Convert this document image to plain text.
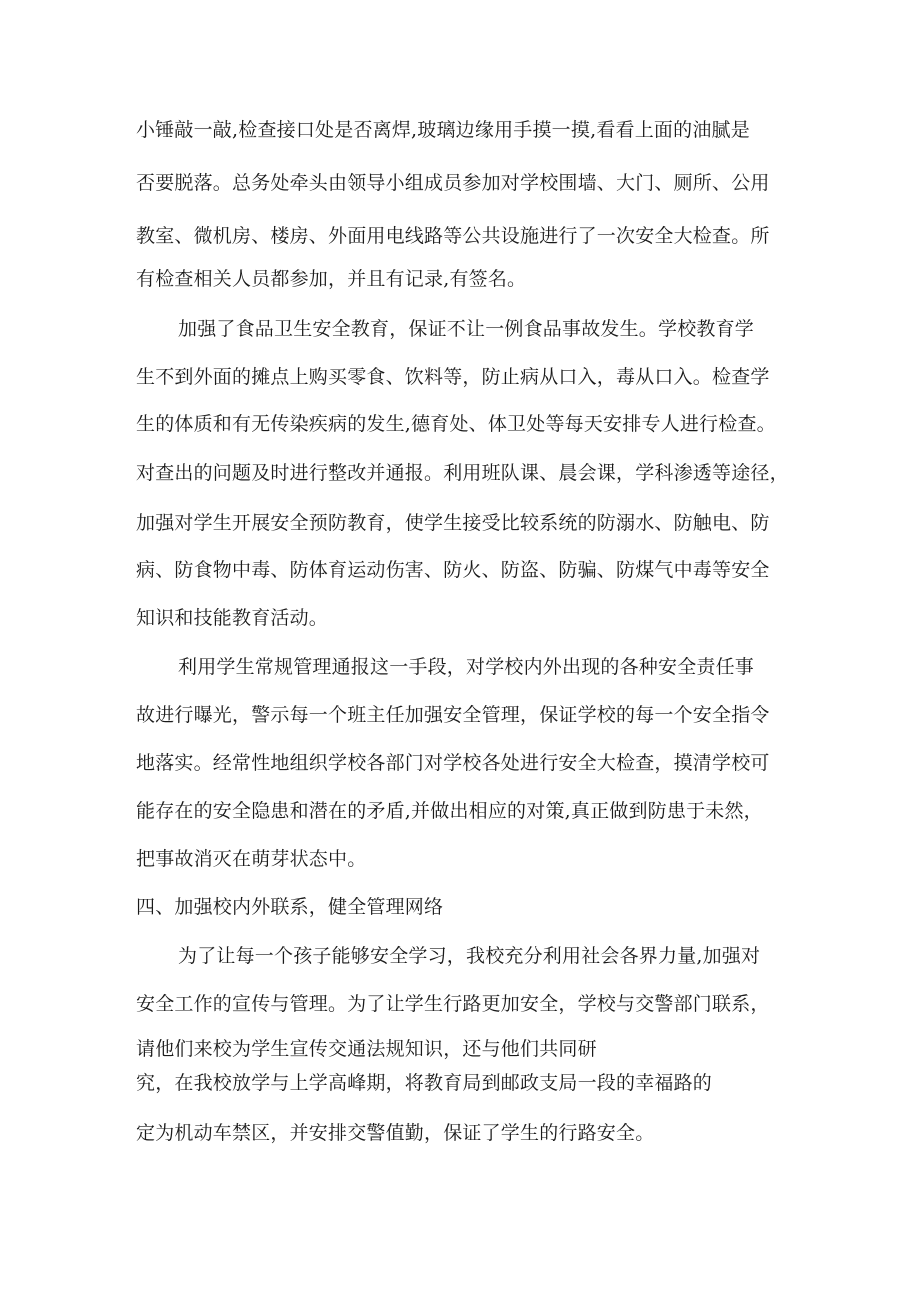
小锤敲一敲,检查接口处是否离焊,玻璃边缘用手摸一摸,看看上面的油腻是
否要脱落。总务处牵头由领导小组成员参加对学校围墙、大门、厕所、公用
教室、微机房、楼房、外面用电线路等公共设施进行了一次安全大检查。所
有检查相关人员都参加，并且有记录,有签名。
加强了食品卫生安全教育，保证不让一例食品事故发生。学校教育学
生不到外面的摊点上购买零食、饮料等，防止病从口入，毒从口入。检查学
生的体质和有无传染疾病的发生,德育处、体卫处等每天安排专人进行检查。
对查出的问题及时进行整改并通报。利用班队课、晨会课，学科渗透等途径，
加强对学生开展安全预防教育，使学生接受比较系统的防溺水、防触电、防
病、防食物中毒、防体育运动伤害、防火、防盗、防骗、防煤气中毒等安全
知识和技能教育活动。
利用学生常规管理通报这一手段，对学校内外出现的各种安全责任事
故进行曝光，警示每一个班主任加强安全管理，保证学校的每一个安全指令
地落实。经常性地组织学校各部门对学校各处进行安全大检查，摸清学校可
能存在的安全隐患和潜在的矛盾,并做出相应的对策,真正做到防患于未然，
把事故消灭在萌芽状态中。
四、加强校内外联系，健全管理网络
为了让每一个孩子能够安全学习，我校充分利用社会各界力量,加强对
安全工作的宣传与管理。为了让学生行路更加安全，学校与交警部门联系，
请他们来校为学生宣传交通法规知识，还与他们共同研
究，在我校放学与上学高峰期，将教育局到邮政支局一段的幸福路的
定为机动车禁区，并安排交警值勤，保证了学生的行路安全。
